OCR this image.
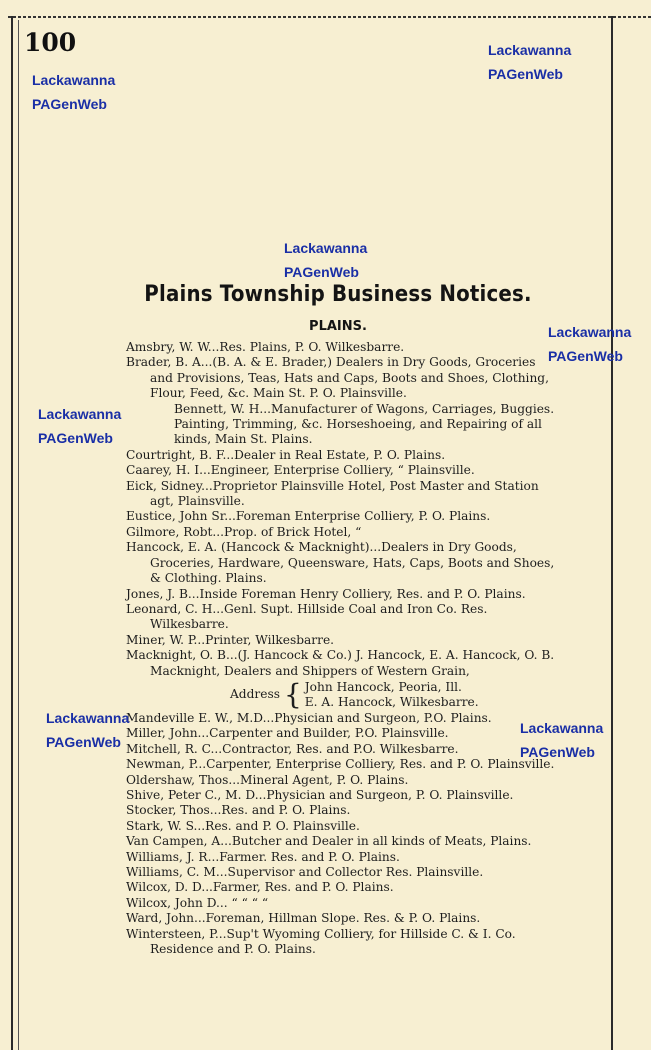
100	Lackawanna
PAGenWeb
Lackawanna
PAGenWeb
Lackawanna
PAGenWeb
Lackawanna
PAGenWeb
Lackawanna
PAGenWeb
Lackawanna
PAGenWeb
Lackawanna
PAGenWeb
Plains Township Business Notices.
PLAINS.

Amsbry, W. W...Res. Plains, P. O. Wilkesbarre.

Brader, B. A...(B. A. & E. Brader,) Dealers in Dry Goods, Groceries and Provisions, Teas, Hats and Caps, Boots and Shoes, Clothing, Flour, Feed, &c. Main St. P. O. Plainsville.

Bennett, W. H...Manufacturer of Wagons, Carriages, Buggies. Painting, Trimming, &c. Horseshoeing, and Repairing of all kinds, Main St. Plains.

Courtright, B. F...Dealer in Real Estate, P. O. Plains.

Caarey, H. I...Engineer, Enterprise Colliery, “ Plainsville.

Eick, Sidney...Proprietor Plainsville Hotel, Post Master and Station agt, Plainsville.

Eustice, John Sr...Foreman Enterprise Colliery, P. O. Plains.

Gilmore, Robt...Prop. of Brick Hotel, “

Hancock, E. A. (Hancock & Macknight)...Dealers in Dry Goods, Groceries, Hardware, Queensware, Hats, Caps, Boots and Shoes, & Clothing. Plains.

Jones, J. B...Inside Foreman Henry Colliery, Res. and P. O. Plains.

Leonard, C. H...Genl. Supt. Hillside Coal and Iron Co. Res. Wilkesbarre.

Miner, W. P...Printer, Wilkesbarre.

Macknight, O. B...(J. Hancock & Co.) J. Hancock, E. A. Hancock, O. B. Macknight, Dealers and Shippers of Western Grain,

Address { John Hancock, Peoria, Ill.
E. A. Hancock, Wilkesbarre.

Mandeville E. W., M.D...Physician and Surgeon, P.O. Plains.

Miller, John...Carpenter and Builder, P.O. Plainsville.

Mitchell, R. C...Contractor, Res. and P.O. Wilkesbarre.

Newman, P...Carpenter, Enterprise Colliery, Res. and P. O. Plainsville.

Oldershaw, Thos...Mineral Agent, P. O. Plains.

Shive, Peter C., M. D...Physician and Surgeon, P. O. Plainsville.

Stocker, Thos...Res. and P. O. Plains.

Stark, W. S...Res. and P. O. Plainsville.

Van Campen, A...Butcher and Dealer in all kinds of Meats, Plains.

Williams, J. R...Farmer. Res. and P. O. Plains.

Williams, C. M...Supervisor and Collector Res. Plainsville.

Wilcox, D. D...Farmer, Res. and P. O. Plains.

Wilcox, John D... “ “ “ “

Ward, John...Foreman, Hillman Slope. Res. & P. O. Plains.

Wintersteen, P...Sup't Wyoming Colliery, for Hillside C. & I. Co. Residence and P. O. Plains.
